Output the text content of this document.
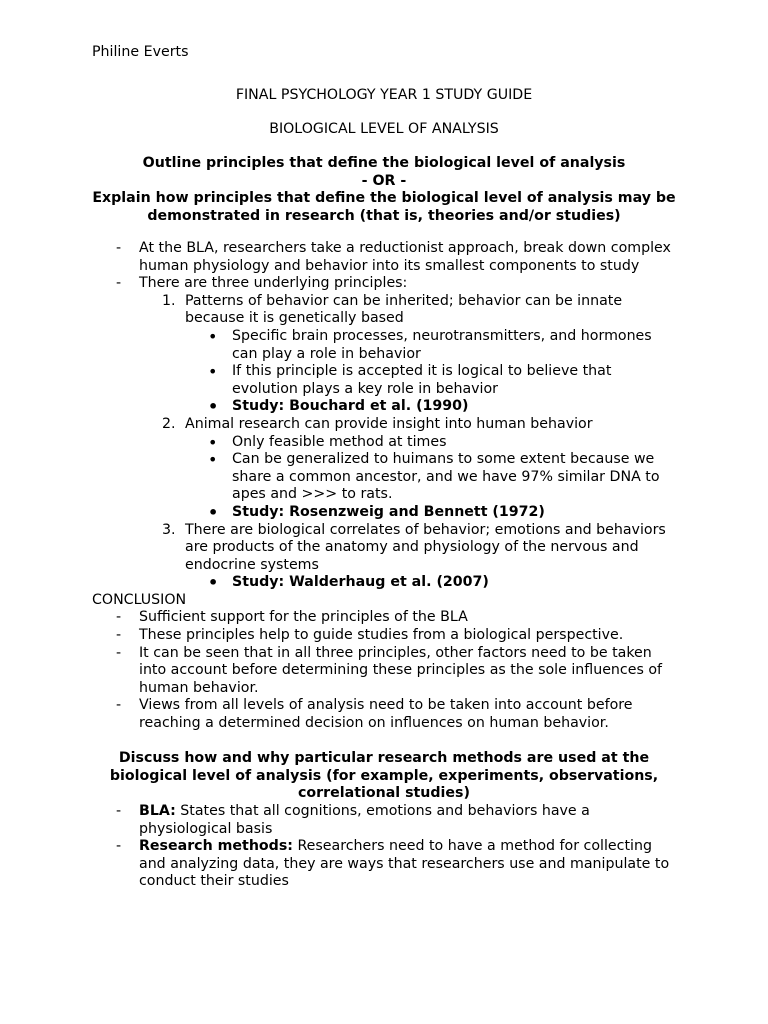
Philine Everts
FINAL PSYCHOLOGY YEAR 1 STUDY GUIDE
BIOLOGICAL LEVEL OF ANALYSIS
Outline principles that define the biological level of analysis
- OR -
Explain how principles that define the biological level of analysis may be demonstrated in research (that is, theories and/or studies)
- At the BLA, researchers take a reductionist approach, break down complex human physiology and behavior into its smallest components to study
- There are three underlying principles:
1. Patterns of behavior can be inherited; behavior can be innate because it is genetically based
• Specific brain processes, neurotransmitters, and hormones can play a role in behavior
• If this principle is accepted it is logical to believe that evolution plays a key role in behavior
• Study: Bouchard et al. (1990)
2. Animal research can provide insight into human behavior
• Only feasible method at times
• Can be generalized to huimans to some extent because we share a common ancestor, and we have 97% similar DNA to apes and >>> to rats.
• Study: Rosenzweig and Bennett (1972)
3. There are biological correlates of behavior; emotions and behaviors are products of the anatomy and physiology of the nervous and endocrine systems
• Study: Walderhaug et al. (2007)
CONCLUSION
- Sufficient support for the principles of the BLA
- These principles help to guide studies from a biological perspective.
- It can be seen that in all three principles, other factors need to be taken into account before determining these principles as the sole influences of human behavior.
- Views from all levels of analysis need to be taken into account before reaching a determined decision on influences on human behavior.
Discuss how and why particular research methods are used at the biological level of analysis (for example, experiments, observations, correlational studies)
- BLA: States that all cognitions, emotions and behaviors have a physiological basis
- Research methods: Researchers need to have a method for collecting and analyzing data, they are ways that researchers use and manipulate to conduct their studies
